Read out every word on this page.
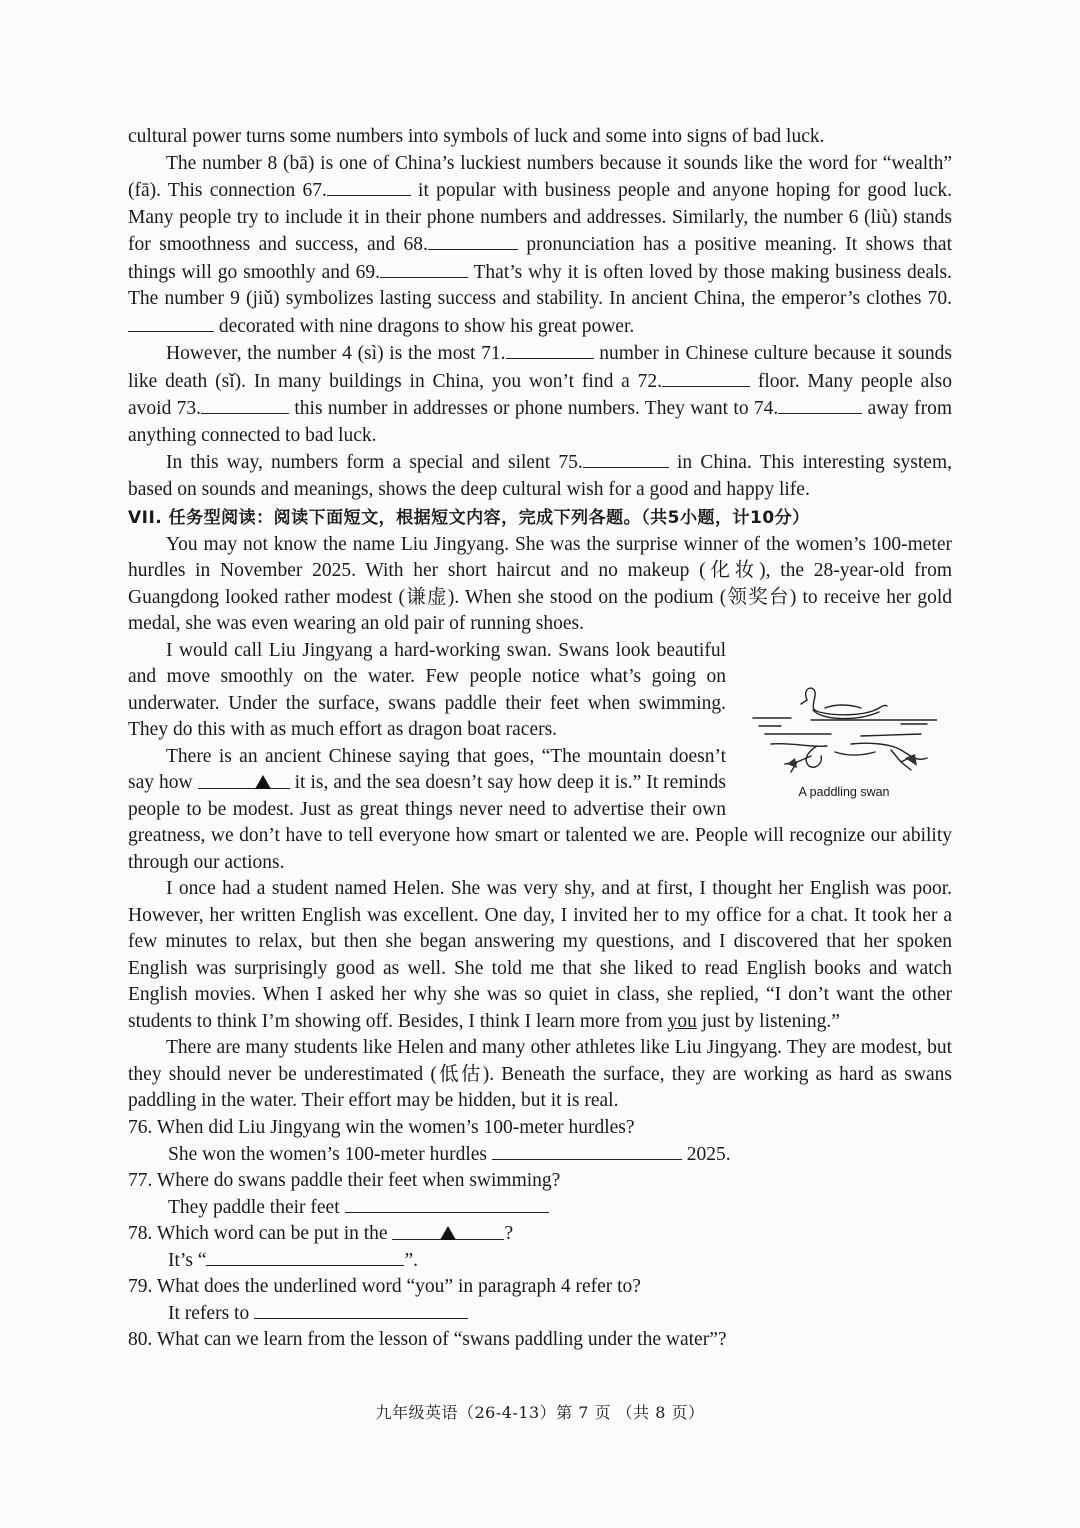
cultural power turns some numbers into symbols of luck and some into signs of bad luck.

The number 8 (bā) is one of China’s luckiest numbers because it sounds like the word for “wealth” (fā). This connection 67.	it popular with business people and anyone hoping for good luck. Many people try to include it in their phone numbers and addresses. Similarly, the number 6 (liù) stands for smoothness and success, and 68.	pronunciation has a positive meaning. It shows that things will go smoothly and 69.	That’s why it is often loved by those making business deals. The number 9 (jiǔ) symbolizes lasting success and stability. In ancient China, the emperor’s clothes 70. decorated with nine dragons to show his great power.

However, the number 4 (sì) is the most 71.	number in Chinese culture because it sounds like death (sǐ). In many buildings in China, you won’t find a 72.	floor. Many people also avoid 73.	this number in addresses or phone numbers. They want to 74.	away from anything connected to bad luck.

In this way, numbers form a special and silent 75.	in China. This interesting system, based on sounds and meanings, shows the deep cultural wish for a good and happy life.

VII. 任务型阅读：阅读下面短文，根据短文内容，完成下列各题。（共5小题，计10分）

You may not know the name Liu Jingyang. She was the surprise winner of the women’s 100-meter hurdles in November 2025. With her short haircut and no makeup (化妆), the 28-year-old from Guangdong looked rather modest (谦虚). When she stood on the podium (领奖台) to receive her gold medal, she was even wearing an old pair of running shoes.

A paddling swan

I would call Liu Jingyang a hard-working swan. Swans look beautiful and move smoothly on the water. Few people notice what’s going on underwater. Under the surface, swans paddle their feet when swimming. They do this with as much effort as dragon boat racers.

There is an ancient Chinese saying that goes, “The mountain doesn’t say how	it is, and the sea doesn’t say how deep it is.” It reminds people to be modest. Just as great things never need to advertise their own greatness, we don’t have to tell everyone how smart or talented we are. People will recognize our ability through our actions.

I once had a student named Helen. She was very shy, and at first, I thought her English was poor. However, her written English was excellent. One day, I invited her to my office for a chat. It took her a few minutes to relax, but then she began answering my questions, and I discovered that her spoken English was surprisingly good as well. She told me that she liked to read English books and watch English movies. When I asked her why she was so quiet in class, she replied, “I don’t want the other students to think I’m showing off. Besides, I think I learn more from you just by listening.”

There are many students like Helen and many other athletes like Liu Jingyang. They are modest, but they should never be underestimated (低估). Beneath the surface, they are working as hard as swans paddling in the water. Their effort may be hidden, but it is real.

76. When did Liu Jingyang win the women’s 100-meter hurdles?

She won the women’s 100-meter hurdles	2025.

77. Where do swans paddle their feet when swimming?

They paddle their feet

78. Which word can be put in the	?

It’s “	”.

79. What does the underlined word “you” in paragraph 4 refer to?

It refers to

80. What can we learn from the lesson of “swans paddling under the water”?

九年级英语（26-4-13）第 7 页 （共 8 页）
